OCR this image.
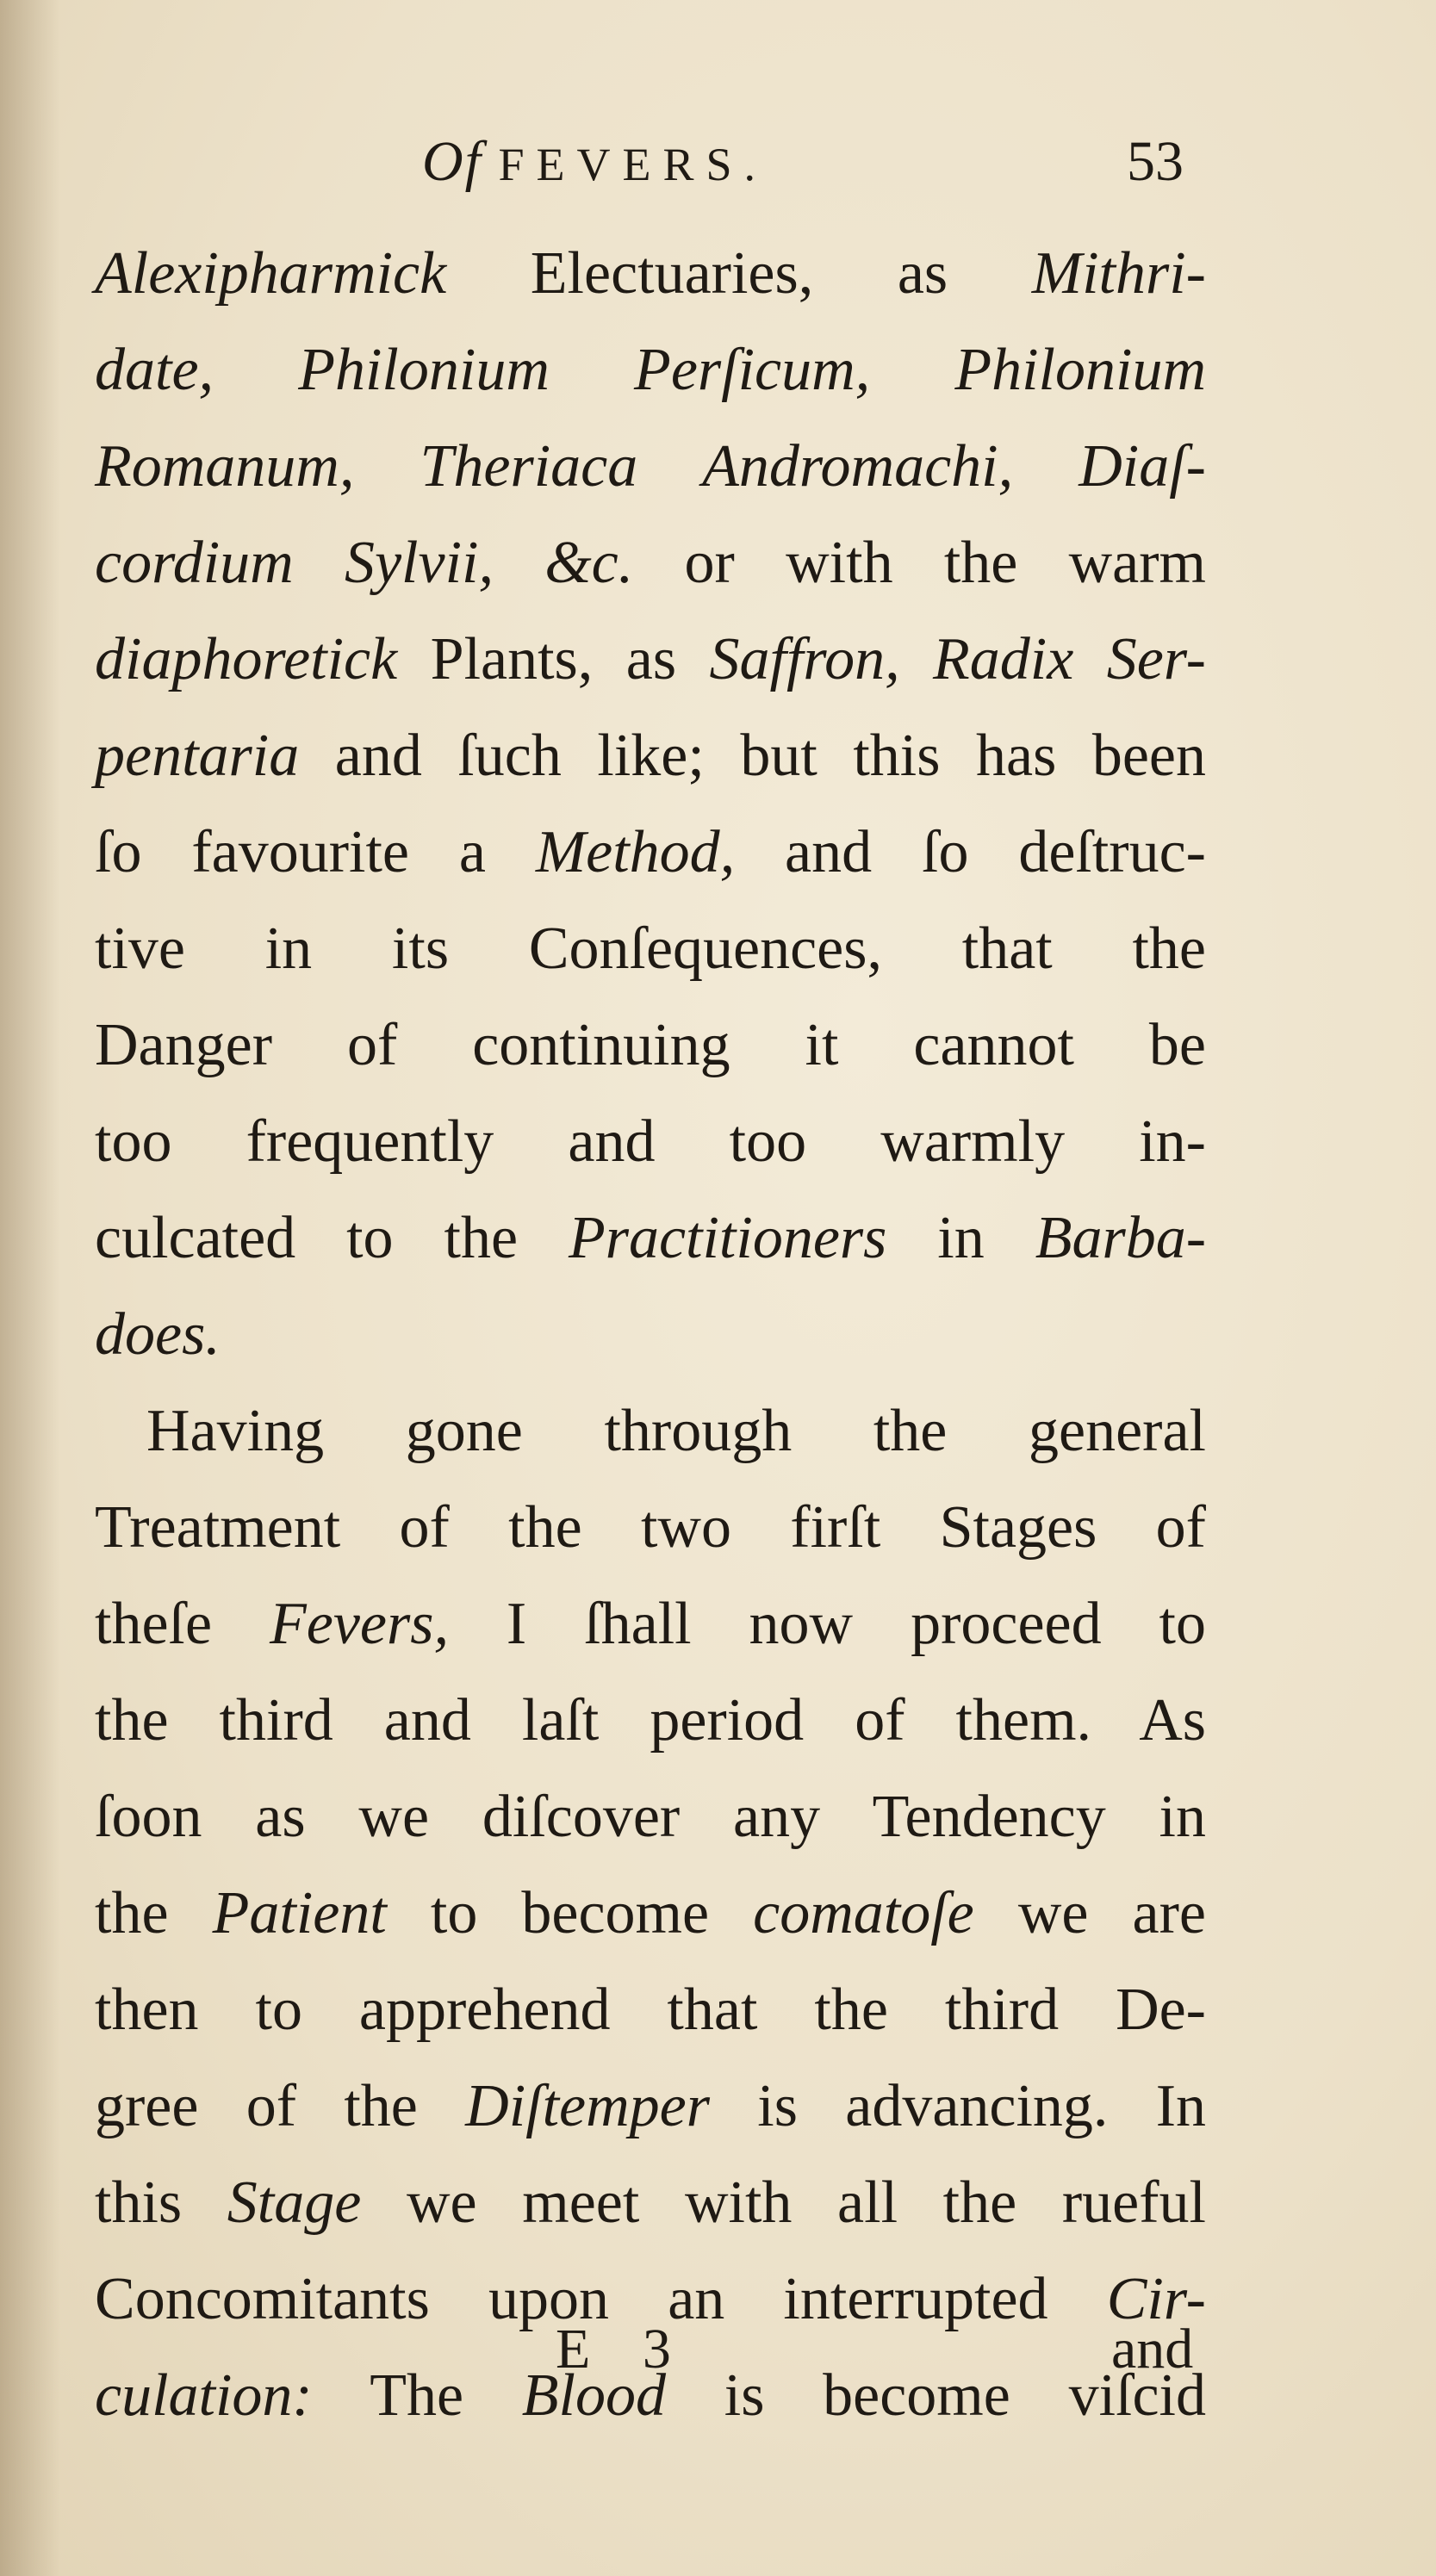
Of FEVERS.	53
Alexipharmick Electuaries, as Mithri-
date, Philonium Perſicum, Philonium
Romanum, Theriaca Andromachi, Diaſ-
cordium Sylvii, &c. or with the warm
diaphoretick Plants, as Saffron, Radix Ser-
pentaria and ſuch like; but this has been
ſo favourite a Method, and ſo deſtruc-
tive in its Conſequences, that the
Danger of continuing it cannot be
too frequently and too warmly in-
culcated to the Practitioners in Barba-
does.
Having gone through the general
Treatment of the two firſt Stages of
theſe Fevers, I ſhall now proceed to
the third and laſt period of them. As
ſoon as we diſcover any Tendency in
the Patient to become comatoſe we are
then to apprehend that the third De-
gree of the Diſtemper is advancing. In
this Stage we meet with all the rueful
Concomitants upon an interrupted Cir-
culation: The Blood is become viſcid
E 3	and
